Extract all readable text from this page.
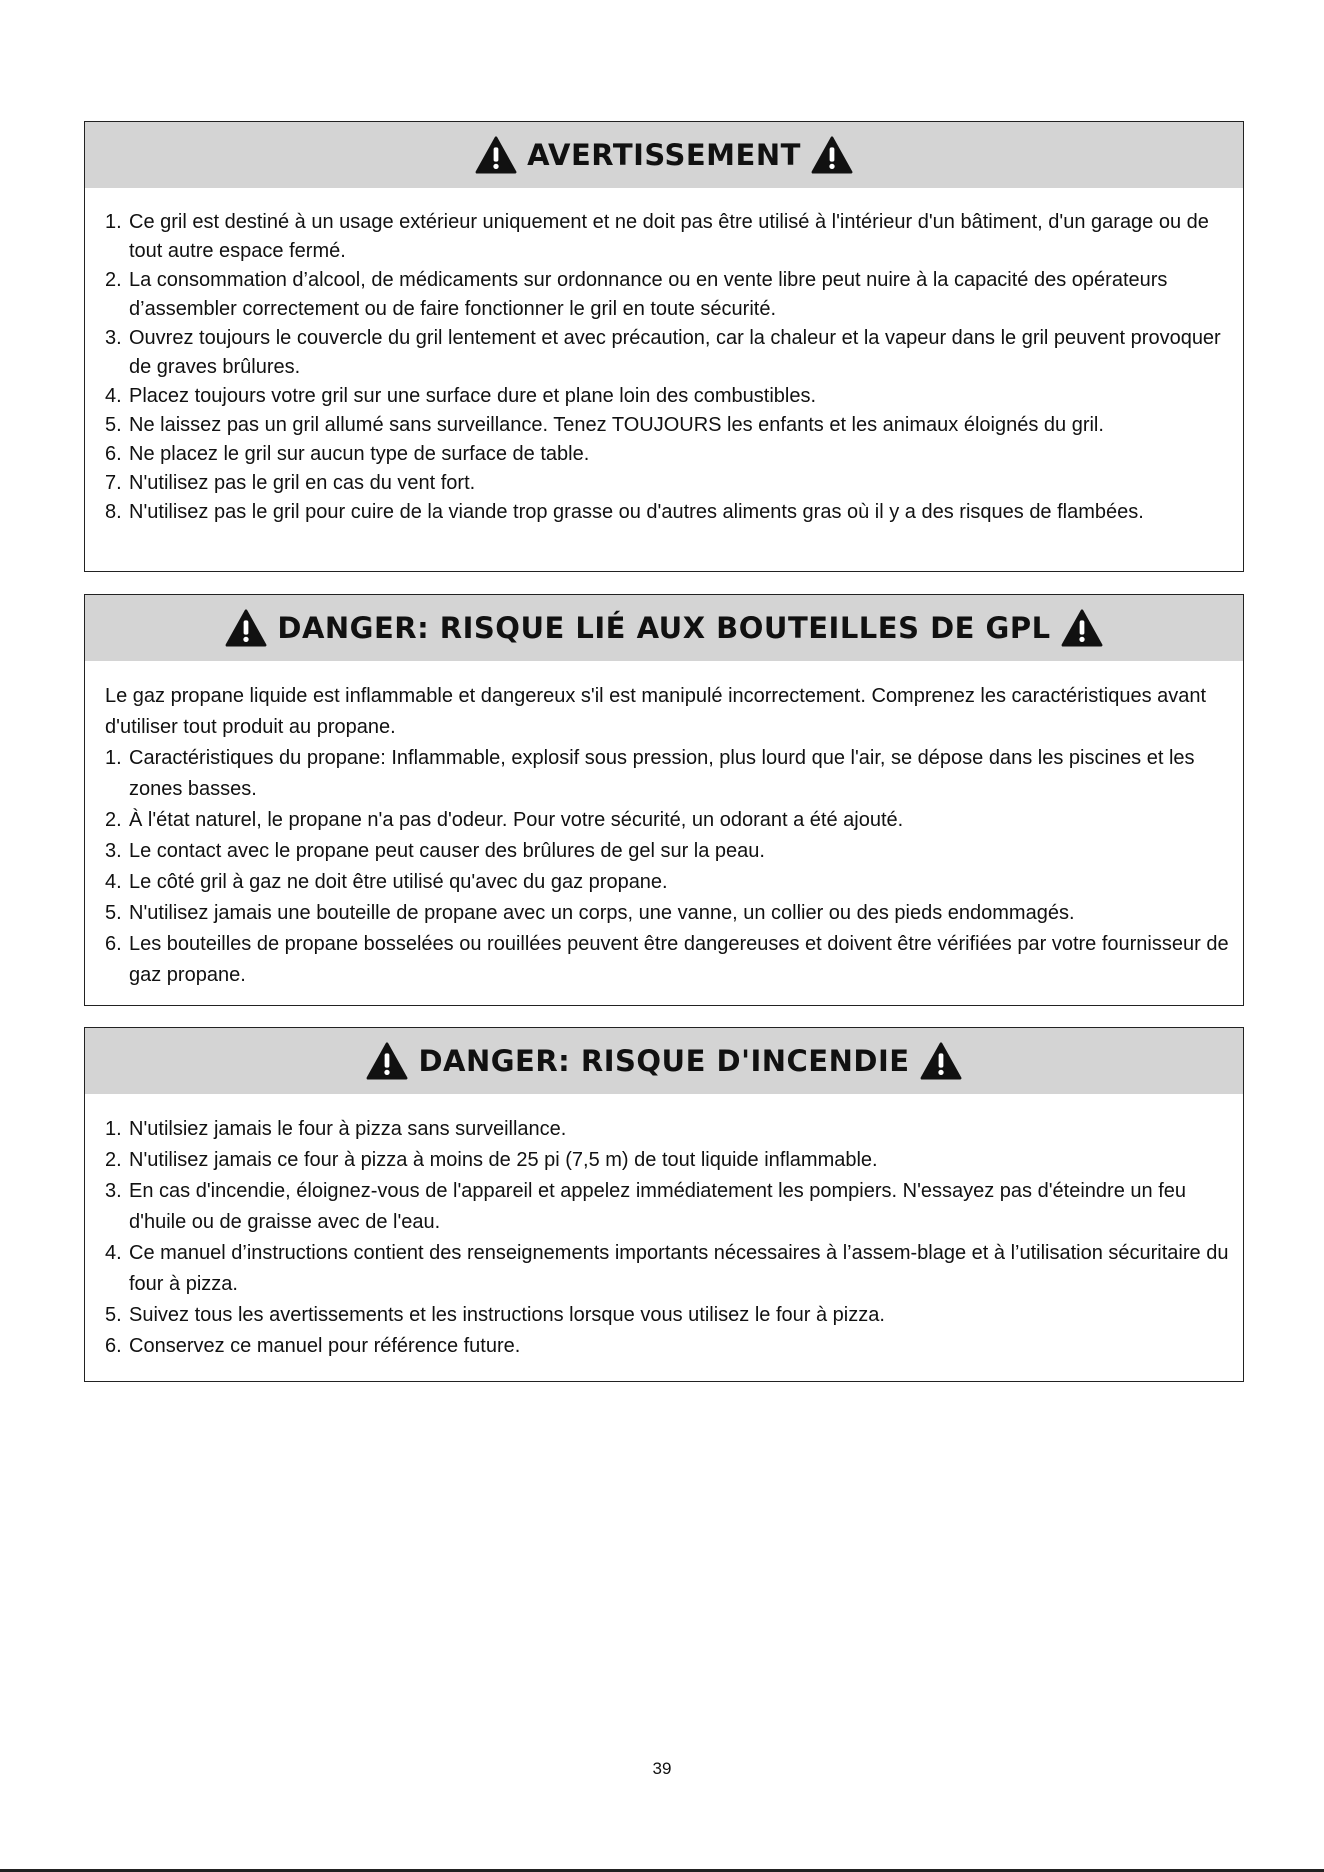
AVERTISSEMENT
1. Ce gril est destiné à un usage extérieur uniquement et ne doit pas être utilisé à l'intérieur d'un bâtiment, d'un garage ou de tout autre espace fermé.
2. La consommation d’alcool, de médicaments sur ordonnance ou en vente libre peut nuire à la capacité des opérateurs d’assembler correctement ou de faire fonctionner le gril en toute sécurité.
3. Ouvrez toujours le couvercle du gril lentement et avec précaution, car la chaleur et la vapeur dans le gril peuvent provoquer de graves brûlures.
4. Placez toujours votre gril sur une surface dure et plane loin des combustibles.
5. Ne laissez pas un gril allumé sans surveillance. Tenez TOUJOURS les enfants et les animaux éloignés du gril.
6. Ne placez le gril sur aucun type de surface de table.
7. N'utilisez pas le gril en cas du vent fort.
8. N'utilisez pas le gril pour cuire de la viande trop grasse ou d'autres aliments gras où il y a des risques de flambées.
DANGER: RISQUE LIÉ AUX BOUTEILLES DE GPL

Le gaz propane liquide est inflammable et dangereux s'il est manipulé incorrectement. Comprenez les caractéristiques avant d'utiliser tout produit au propane.

1. Caractéristiques du propane: Inflammable, explosif sous pression, plus lourd que l'air, se dépose dans les piscines et les zones basses.
2. À l'état naturel, le propane n'a pas d'odeur. Pour votre sécurité, un odorant a été ajouté.
3. Le contact avec le propane peut causer des brûlures de gel sur la peau.
4. Le côté gril à gaz ne doit être utilisé qu'avec du gaz propane.
5. N'utilisez jamais une bouteille de propane avec un corps, une vanne, un collier ou des pieds endommagés.
6. Les bouteilles de propane bosselées ou rouillées peuvent être dangereuses et doivent être vérifiées par votre fournisseur de gaz propane.
DANGER: RISQUE D'INCENDIE
1. N'utilsiez jamais le four à pizza sans surveillance.
2. N'utilisez jamais ce four à pizza à moins de 25 pi (7,5 m) de tout liquide inflammable.
3. En cas d'incendie, éloignez-vous de l'appareil et appelez immédiatement les pompiers. N'essayez pas d'éteindre un feu d'huile ou de graisse avec de l'eau.
4. Ce manuel d’instructions contient des renseignements importants nécessaires à l’assem-blage et à l’utilisation sécuritaire du four à pizza.
5. Suivez tous les avertissements et les instructions lorsque vous utilisez le four à pizza.
6. Conservez ce manuel pour référence future.
39
